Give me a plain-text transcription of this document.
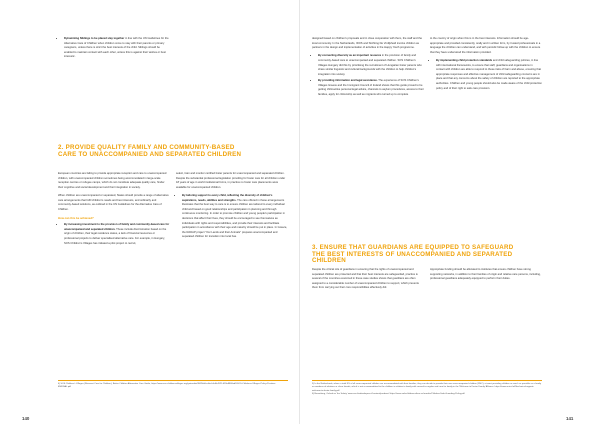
• Dynamizing Siblings to be placed stay together in line with the UN Guidelines for the Alternative Care of Children when children come to stay with their parents or primary caregivers, unless there is strict the best interests of the child. Siblings should be enabled to maintain contact with each other, unless this is against their wishes or best interests⁴.
2. PROVIDE QUALITY FAMILY AND COMMUNITY-BASED
CARE TO UNACCOMPANIED AND SEPARATED CHILDREN

European countries are failing to provide appropriate reception and care to unaccompanied children, with unaccompanied children sometimes being accommodated in large-scale reception centres or refugee camps, which do not constitute adequate quality care, hinder their cognitive and social development and their integration in society.

When children are unaccompanied or separated, States should provide a range of alternative care arrangements that fulfil children's needs and best interests, and ordinarily and community-based solutions, as outlined in the UN Guidelines for the Alternative Care of Children.

How can this be achieved?
• By increasing investment to the provision of family and community-based care for unaccompanied and separated children. These include discrimination based on the origin of children, their legal residence status, a lack of financial resources or professional projects to deliver specialised alternative care. For example, in Hungary, SOS Children's Villages has initiated a pilot project to recruit,

select, train and monitor certified foster parents for unaccompanied and separated children. Despite the substantial professional legislation providing for foster care for all children under 18 years of age in world institutional forms, in practice no foster care placements were available for unaccompanied children.

• By tailoring support to every child, reflecting the diversity of children's aspirations, needs, abilities and strengths. The care offered in these arrangements illustrates that the best way to care is to ensure children are tailored to every individual child and based on good relationships and participation in planning and through continuous monitoring. In order to promote children and young people's participation in decisions that affect their lives, they should be encouraged to see themselves as individuals with rights and responsibilities, and provide their interests and facilitate participation in accordance with their age and maturity should be put in place. In Greece, the RADAP project "Our Lands and their Animals" prepares unaccompanied and separated children for transition into local has.
4) SOS Children's Villages (Reinvent Care for Children), Better Children Alternative Care Guide, https://www.sos-childrensvillages.org/getmedia/4842b4cb-dbcf-4e6b-9f21-ff33a8868ad5/SOS-Childrens-Villages-Policy-Position-ENFINAL.pdf
140

designed based on children's proposals and in close cooperation with them, the staff and the local community. In the Netherlands, IDOS and Stichting De Vrolijkheid involve children as partners in the design and implementation of activities in the Happy Youth programme.

• By connecting diversity as an important resource in the provision of family and community-based care to unaccompanied and separated children. SOS Children's Villages Hungary did this by prioritising the recruitment of Hungarian foster parents who share similar linguistic and cultural backgrounds with the children to help children's integration into society.
• By providing information and legal assistance. The experience of SOS Children's Villages Greece and the Immigrant Council of Ireland shows that this guide proved to be getting child-active personal legal advice, channels to asylum procedures, access to their families, apply for citizenship as well as migrants who turned up to complete

to the country of origin when this is in the best interests. Information should be age-appropriate and provided consistently, orally and in written form, by trusted professionals in a language the children can understand, and with periodic follow-up with the children to ensure that they have understood the information provided.

• By implementing child protection standards and child safeguarding policies, in line with international frameworks, to ensure that staff, guardians and organisations in contact with children are able to respond to these risks of harm and abuse, ensuring that appropriate responses and effective management of child safeguarding concerns are in place and that any concerns about the safety of children are reported to the appropriate authorities. Children and young people should also be made aware of the child protection policy and of their right to safe care provision.
3. ENSURE THAT GUARDIANS ARE EQUIPPED TO SAFEGUARD
THE BEST INTERESTS OF UNACCOMPANIED AND SEPARATED
CHILDREN

Despite the critical role of guardians in ensuring that the rights of unaccompanied and separated children are protected and that their best interests are safeguarded, practice is several of the countries examined in these case studies shows that guardians are often assigned to a considerable number of unaccompanied children to support, which prevents them from carrying out their core responsibilities effectively did.

Appropriate funding should be allocated to institutes that ensure children have strong supporting networks, in addition to their families of origin and relative care persons, including, professional guardians adequately equipped to perform their duties.

5) In the Netherlands, where a total 8% of all unaccompanied children are accommodated with their families, they can decide to provide their own unaccompanied children (RSC), at most providing children as much as possible as a family or members of relatives or close friends, which is not accommodated to the children in relation to family with several-to-regular and care for family in the 'Welcome to Foster Family' Alliance. https://www.unicef.nl/files/unicef-rapport-welcome-to-foster-family.pdf
6) Bovenberg, Oxford on 'the Safety' www.sos-kinderdorpen.nl/content/probeert/ https://www.safechildrenculture.eu/anzalio/Children-Safe-Guarding-Policy.pdf
141
